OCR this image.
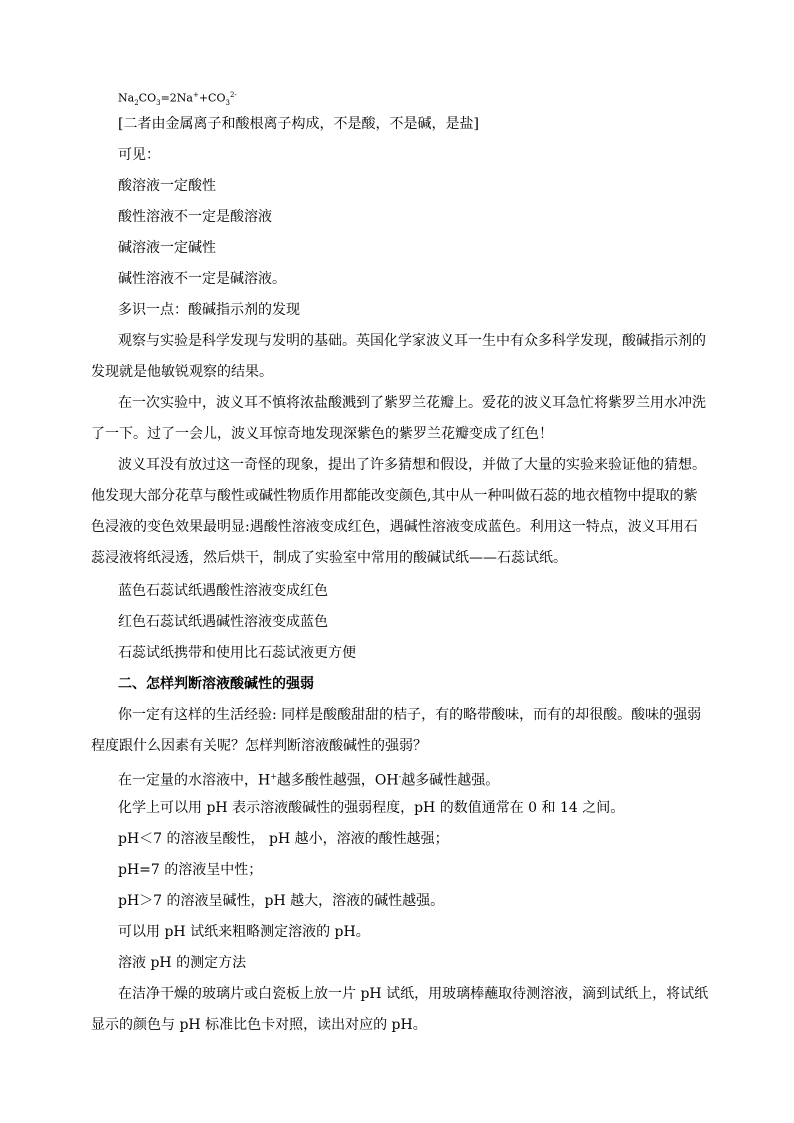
$Na_2CO_3=2Na^++CO_3^{2-}$
[二者由金属离子和酸根离子构成，不是酸，不是碱，是盐]
可见：
酸溶液一定酸性
酸性溶液不一定是酸溶液
碱溶液一定碱性
碱性溶液不一定是碱溶液。
多识一点：酸碱指示剂的发现
观察与实验是科学发现与发明的基础。英国化学家波义耳一生中有众多科学发现，酸碱指示剂的
发现就是他敏锐观察的结果。
在一次实验中，波义耳不慎将浓盐酸溅到了紫罗兰花瓣上。爱花的波义耳急忙将紫罗兰用水冲洗
了一下。过了一会儿，波义耳惊奇地发现深紫色的紫罗兰花瓣变成了红色！
波义耳没有放过这一奇怪的现象，提出了许多猜想和假设，并做了大量的实验来验证他的猜想。
他发现大部分花草与酸性或碱性物质作用都能改变颜色,其中从一种叫做石蕊的地衣植物中提取的紫
色浸液的变色效果最明显:遇酸性溶液变成红色，遇碱性溶液变成蓝色。利用这一特点，波义耳用石
蕊浸液将纸浸透，然后烘干，制成了实验室中常用的酸碱试纸——石蕊试纸。
蓝色石蕊试纸遇酸性溶液变成红色
红色石蕊试纸遇碱性溶液变成蓝色
石蕊试纸携带和使用比石蕊试液更方便
二、怎样判断溶液酸碱性的强弱
你一定有这样的生活经验: 同样是酸酸甜甜的桔子，有的略带酸味，而有的却很酸。酸味的强弱
程度跟什么因素有关呢？怎样判断溶液酸碱性的强弱？
在一定量的水溶液中，H+越多酸性越强，OH-越多碱性越强。
化学上可以用 pH 表示溶液酸碱性的强弱程度，pH 的数值通常在 0 和 14 之间。
pH＜7 的溶液呈酸性， pH 越小，溶液的酸性越强；
pH=7 的溶液呈中性；
pH＞7 的溶液呈碱性，pH 越大，溶液的碱性越强。
可以用 pH 试纸来粗略测定溶液的 pH。
溶液 pH 的测定方法
在洁净干燥的玻璃片或白瓷板上放一片 pH 试纸，用玻璃棒蘸取待测溶液，滴到试纸上，将试纸
显示的颜色与 pH 标准比色卡对照，读出对应的 pH。
